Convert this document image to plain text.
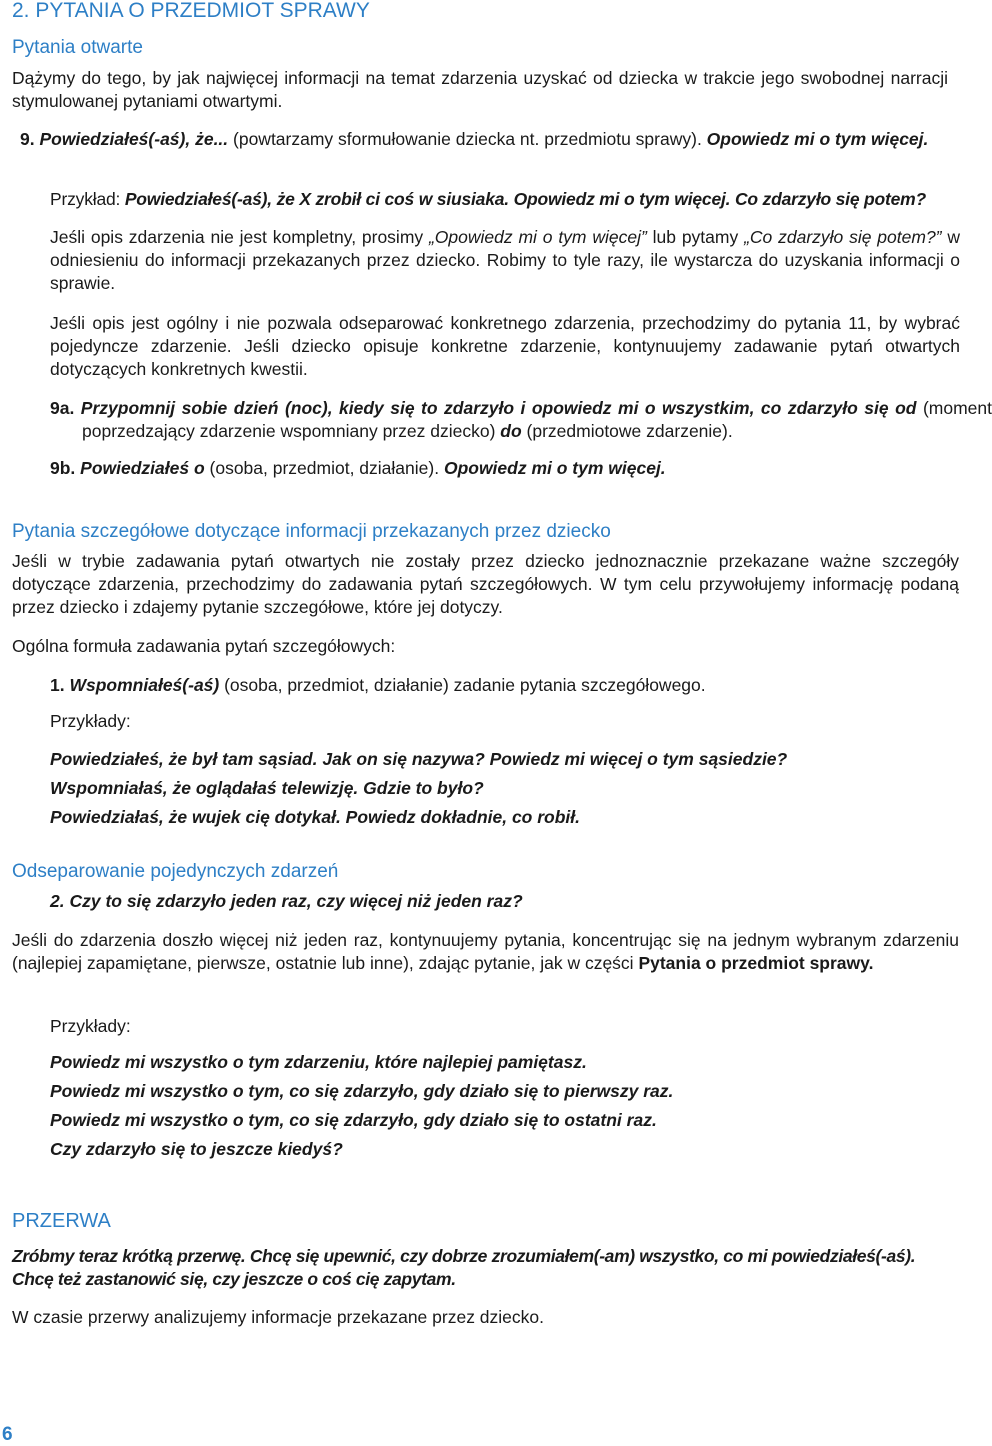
2. PYTANIA O PRZEDMIOT SPRAWY
Pytania otwarte

Dążymy do tego, by jak najwięcej informacji na temat zdarzenia uzyskać od dziecka w trakcie jego swobodnej narracji stymulowanej pytaniami otwartymi.

9. Powiedziałeś(-aś), że... (powtarzamy sformułowanie dziecka nt. przedmiotu sprawy). Opowiedz mi o tym więcej.

Przykład: Powiedziałeś(-aś), że X zrobił ci coś w siusiaka. Opowiedz mi o tym więcej. Co zdarzyło się potem?

Jeśli opis zdarzenia nie jest kompletny, prosimy „Opowiedz mi o tym więcej” lub pytamy „Co zdarzyło się potem?” w odniesieniu do informacji przekazanych przez dziecko. Robimy to tyle razy, ile wystarcza do uzyskania informacji o sprawie.

Jeśli opis jest ogólny i nie pozwala odseparować konkretnego zdarzenia, przechodzimy do pytania 11, by wybrać pojedyncze zdarzenie. Jeśli dziecko opisuje konkretne zdarzenie, kontynuujemy zadawanie pytań otwartych dotyczących konkretnych kwestii.

9a. Przypomnij sobie dzień (noc), kiedy się to zdarzyło i opowiedz mi o wszystkim, co zdarzyło się od (moment poprzedzający zdarzenie wspomniany przez dziecko) do (przedmiotowe zdarzenie).

9b. Powiedziałeś o (osoba, przedmiot, działanie). Opowiedz mi o tym więcej.

Pytania szczegółowe dotyczące informacji przekazanych przez dziecko

Jeśli w trybie zadawania pytań otwartych nie zostały przez dziecko jednoznacznie przekazane ważne szczegóły dotyczące zdarzenia, przechodzimy do zadawania pytań szczegółowych. W tym celu przywołujemy informację podaną przez dziecko i zdajemy pytanie szczegółowe, które jej dotyczy.

Ogólna formuła zadawania pytań szczegółowych:

1. Wspomniałeś(-aś) (osoba, przedmiot, działanie) zadanie pytania szczegółowego.

Przykłady:

Powiedziałeś, że był tam sąsiad. Jak on się nazywa? Powiedz mi więcej o tym sąsiedzie?

Wspomniałaś, że oglądałaś telewizję. Gdzie to było?

Powiedziałaś, że wujek cię dotykał. Powiedz dokładnie, co robił.

Odseparowanie pojedynczych zdarzeń

2. Czy to się zdarzyło jeden raz, czy więcej niż jeden raz?

Jeśli do zdarzenia doszło więcej niż jeden raz, kontynuujemy pytania, koncentrując się na jednym wybranym zdarzeniu (najlepiej zapamiętane, pierwsze, ostatnie lub inne), zdając pytanie, jak w części Pytania o przedmiot sprawy.

Przykłady:

Powiedz mi wszystko o tym zdarzeniu, które najlepiej pamiętasz.

Powiedz mi wszystko o tym, co się zdarzyło, gdy działo się to pierwszy raz.

Powiedz mi wszystko o tym, co się zdarzyło, gdy działo się to ostatni raz.

Czy zdarzyło się to jeszcze kiedyś?

PRZERWA

Zróbmy teraz krótką przerwę. Chcę się upewnić, czy dobrze zrozumiałem(-am) wszystko, co mi powiedziałeś(-aś). Chcę też zastanowić się, czy jeszcze o coś cię zapytam.

W czasie przerwy analizujemy informacje przekazane przez dziecko.

6
